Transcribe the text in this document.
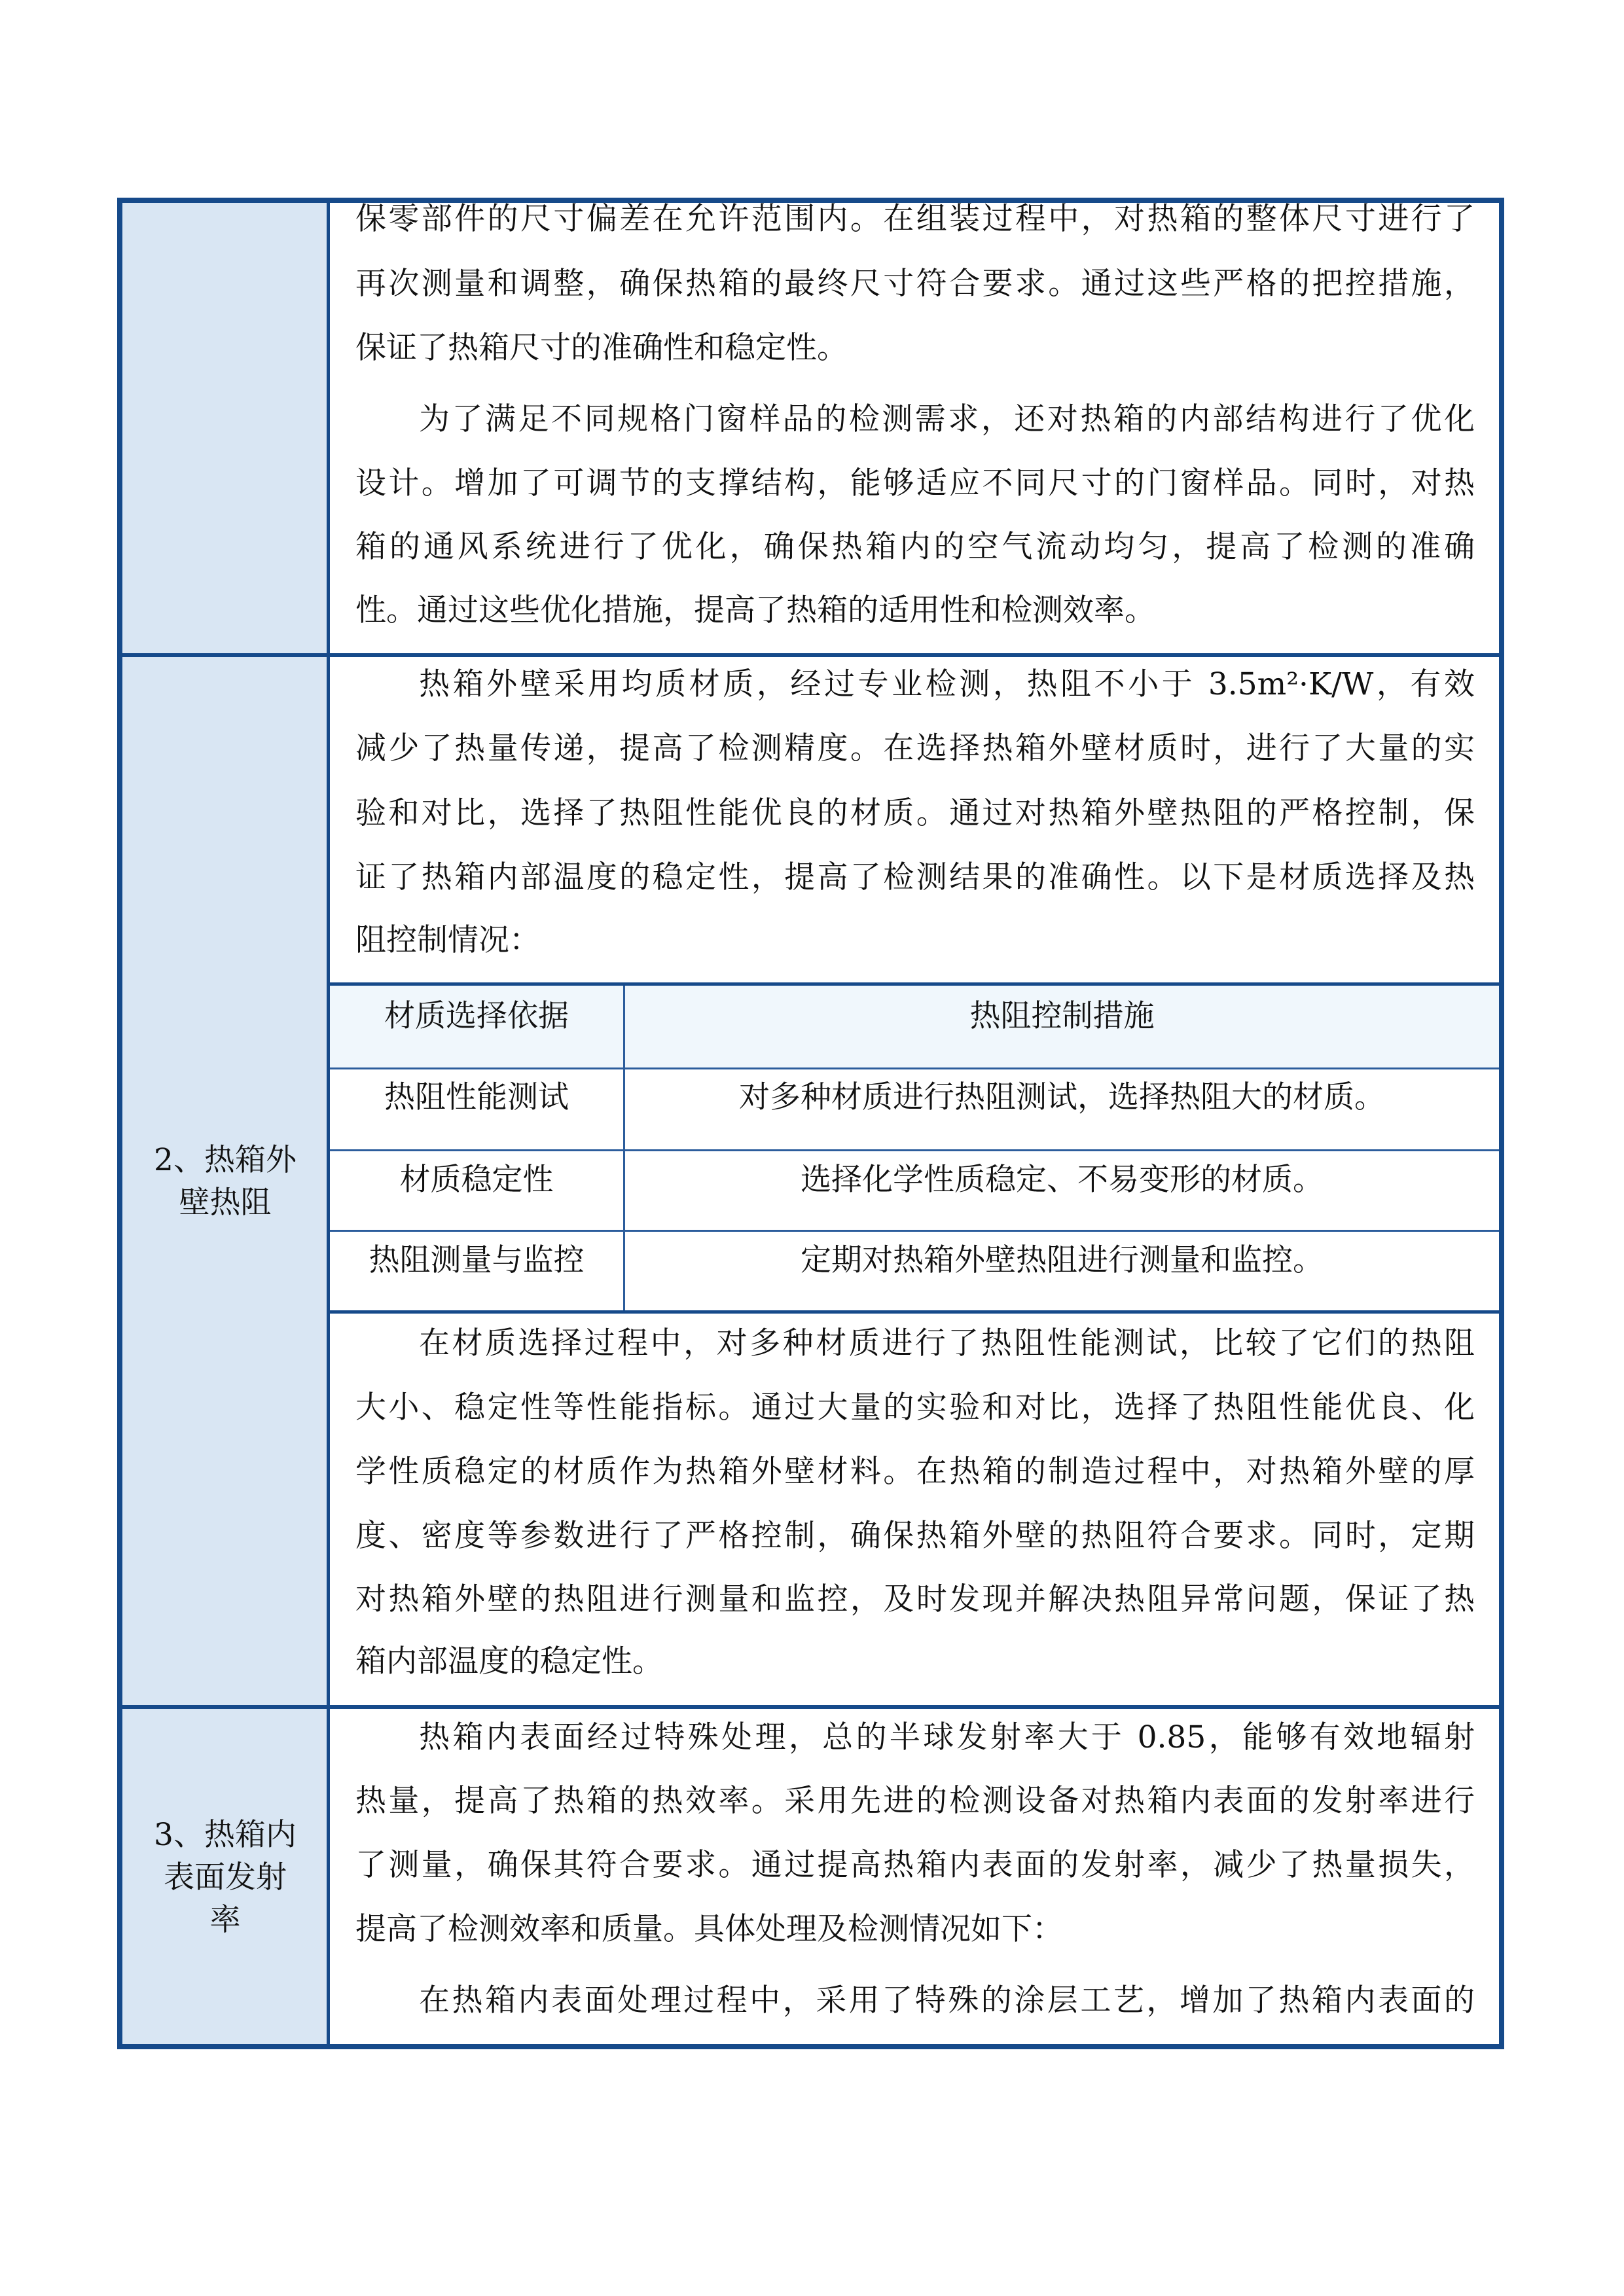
保零部件的尺寸偏差在允许范围内。在组装过程中，对热箱的整体尺寸进行了
再次测量和调整，确保热箱的最终尺寸符合要求。通过这些严格的把控措施，
保证了热箱尺寸的准确性和稳定性。
为了满足不同规格门窗样品的检测需求，还对热箱的内部结构进行了优化
设计。增加了可调节的支撑结构，能够适应不同尺寸的门窗样品。同时，对热
箱的通风系统进行了优化，确保热箱内的空气流动均匀，提高了检测的准确
性。通过这些优化措施，提高了热箱的适用性和检测效率。
2、热箱外
壁热阻
热箱外壁采用均质材质，经过专业检测，热阻不小于 3.5m²·K/W，有效
减少了热量传递，提高了检测精度。在选择热箱外壁材质时，进行了大量的实
验和对比，选择了热阻性能优良的材质。通过对热箱外壁热阻的严格控制，保
证了热箱内部温度的稳定性，提高了检测结果的准确性。以下是材质选择及热
阻控制情况：
材质选择依据	热阻控制措施
热阻性能测试	对多种材质进行热阻测试，选择热阻大的材质。
材质稳定性	选择化学性质稳定、不易变形的材质。
热阻测量与监控	定期对热箱外壁热阻进行测量和监控。
在材质选择过程中，对多种材质进行了热阻性能测试，比较了它们的热阻
大小、稳定性等性能指标。通过大量的实验和对比，选择了热阻性能优良、化
学性质稳定的材质作为热箱外壁材料。在热箱的制造过程中，对热箱外壁的厚
度、密度等参数进行了严格控制，确保热箱外壁的热阻符合要求。同时，定期
对热箱外壁的热阻进行测量和监控，及时发现并解决热阻异常问题，保证了热
箱内部温度的稳定性。
3、热箱内
表面发射
率
热箱内表面经过特殊处理，总的半球发射率大于 0.85，能够有效地辐射
热量，提高了热箱的热效率。采用先进的检测设备对热箱内表面的发射率进行
了测量，确保其符合要求。通过提高热箱内表面的发射率，减少了热量损失，
提高了检测效率和质量。具体处理及检测情况如下：
在热箱内表面处理过程中，采用了特殊的涂层工艺，增加了热箱内表面的
